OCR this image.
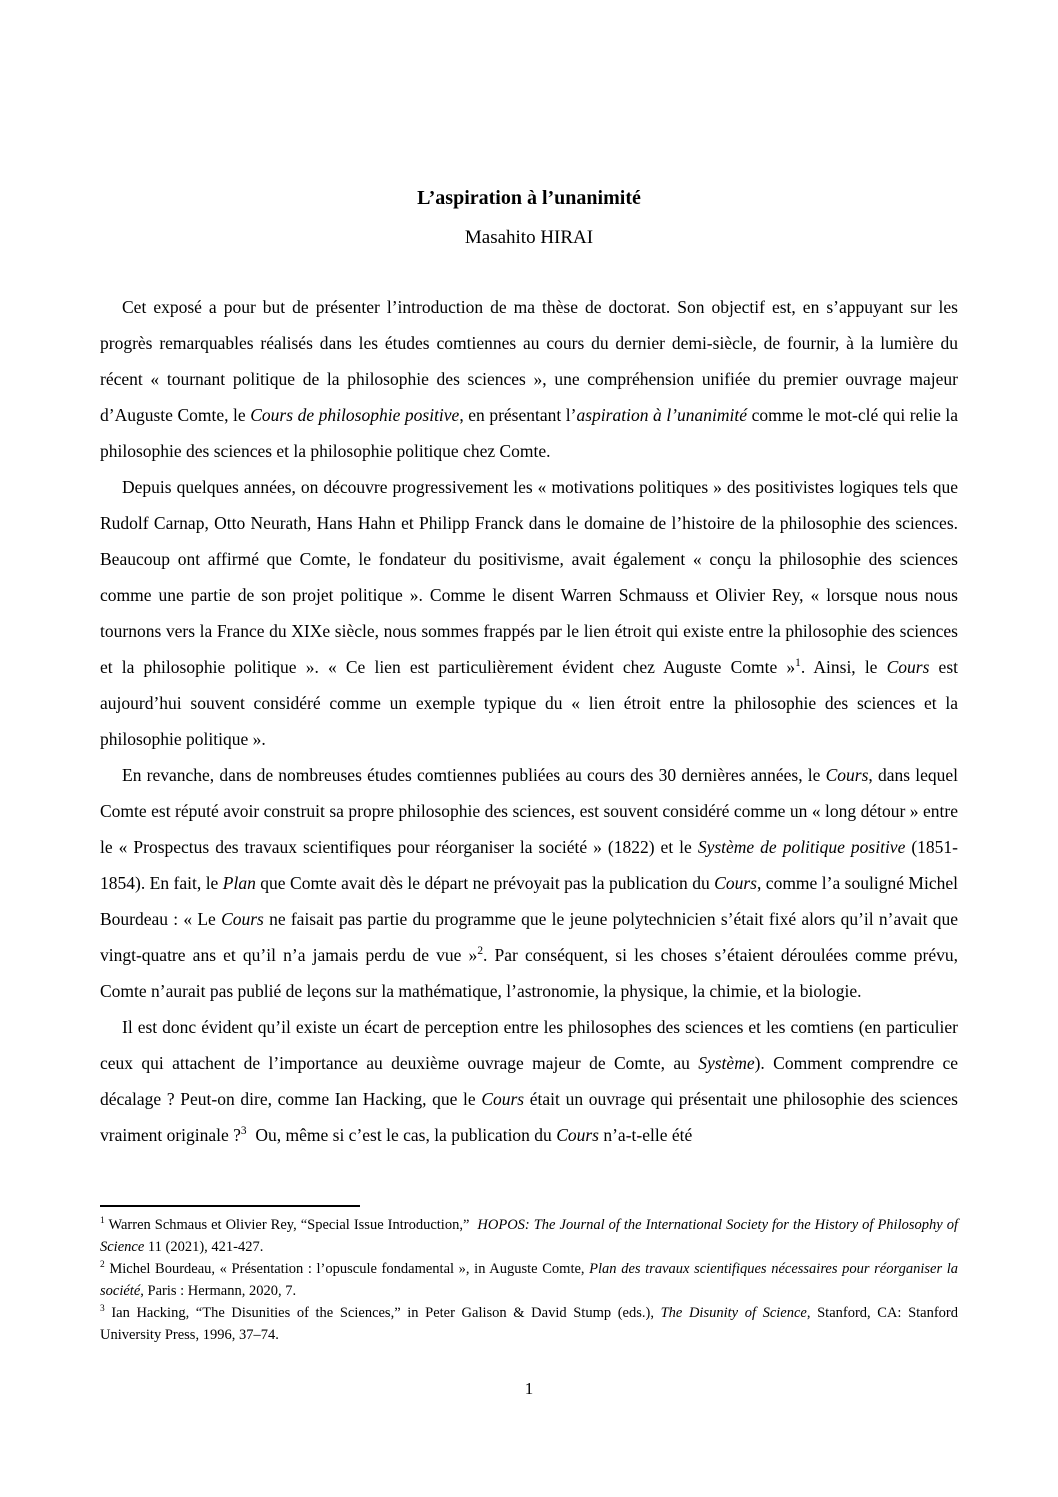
L’aspiration à l’unanimité
Masahito HIRAI

Cet exposé a pour but de présenter l’introduction de ma thèse de doctorat. Son objectif est, en s’appuyant sur les progrès remarquables réalisés dans les études comtiennes au cours du dernier demi-siècle, de fournir, à la lumière du récent « tournant politique de la philosophie des sciences », une compréhension unifiée du premier ouvrage majeur d’Auguste Comte, le Cours de philosophie positive, en présentant l’aspiration à l’unanimité comme le mot-clé qui relie la philosophie des sciences et la philosophie politique chez Comte.

Depuis quelques années, on découvre progressivement les « motivations politiques » des positivistes logiques tels que Rudolf Carnap, Otto Neurath, Hans Hahn et Philipp Franck dans le domaine de l’histoire de la philosophie des sciences. Beaucoup ont affirmé que Comte, le fondateur du positivisme, avait également « conçu la philosophie des sciences comme une partie de son projet politique ». Comme le disent Warren Schmauss et Olivier Rey, « lorsque nous nous tournons vers la France du XIXe siècle, nous sommes frappés par le lien étroit qui existe entre la philosophie des sciences et la philosophie politique ». « Ce lien est particulièrement évident chez Auguste Comte »$^1$. Ainsi, le Cours est aujourd’hui souvent considéré comme un exemple typique du « lien étroit entre la philosophie des sciences et la philosophie politique ».

En revanche, dans de nombreuses études comtiennes publiées au cours des 30 dernières années, le Cours, dans lequel Comte est réputé avoir construit sa propre philosophie des sciences, est souvent considéré comme un « long détour » entre le « Prospectus des travaux scientifiques pour réorganiser la société » (1822) et le Système de politique positive (1851-1854). En fait, le Plan que Comte avait dès le départ ne prévoyait pas la publication du Cours, comme l’a souligné Michel Bourdeau : « Le Cours ne faisait pas partie du programme que le jeune polytechnicien s’était fixé alors qu’il n’avait que vingt-quatre ans et qu’il n’a jamais perdu de vue »$^2$. Par conséquent, si les choses s’étaient déroulées comme prévu, Comte n’aurait pas publié de leçons sur la mathématique, l’astronomie, la physique, la chimie, et la biologie.

Il est donc évident qu’il existe un écart de perception entre les philosophes des sciences et les comtiens (en particulier ceux qui attachent de l’importance au deuxième ouvrage majeur de Comte, au Système). Comment comprendre ce décalage ? Peut-on dire, comme Ian Hacking, que le Cours était un ouvrage qui présentait une philosophie des sciences vraiment originale ?$^3$  Ou, même si c’est le cas, la publication du Cours n’a-t-elle été

$^1$ Warren Schmaus et Olivier Rey, “Special Issue Introduction,”  HOPOS: The Journal of the International Society for the History of Philosophy of Science 11 (2021), 421-427.

$^2$ Michel Bourdeau, « Présentation : l’opuscule fondamental », in Auguste Comte, Plan des travaux scientifiques nécessaires pour réorganiser la société, Paris : Hermann, 2020, 7.

$^3$ Ian Hacking, “The Disunities of the Sciences,” in Peter Galison & David Stump (eds.), The Disunity of Science, Stanford, CA: Stanford University Press, 1996, 37–74.

1
